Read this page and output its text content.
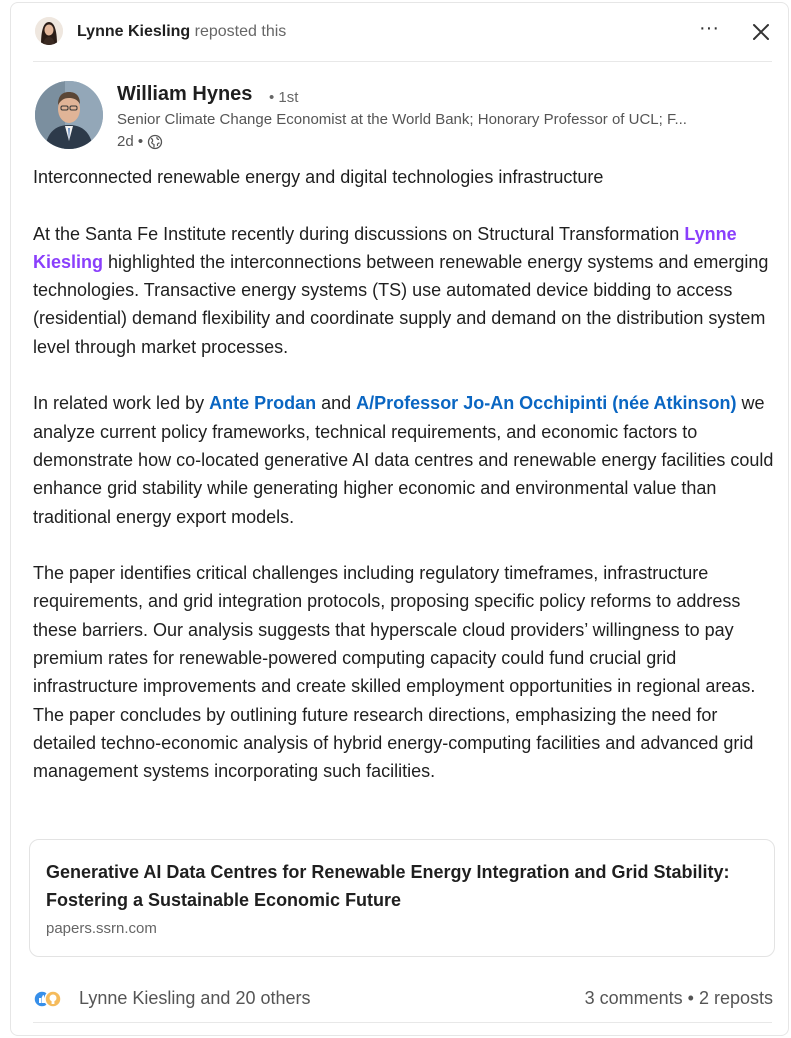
Lynne Kiesling reposted this	···
William Hynes • 1st
Senior Climate Change Economist at the World Bank; Honorary Professor of UCL; F...
2d •

Interconnected renewable energy and digital technologies infrastructure

At the Santa Fe Institute recently during discussions on Structural Transformation Lynne Kiesling highlighted the interconnections between renewable energy systems and emerging technologies. Transactive energy systems (TS) use automated device bidding to access (residential) demand flexibility and coordinate supply and demand on the distribution system level through market processes.

In related work led by Ante Prodan and A/Professor Jo-An Occhipinti (née Atkinson) we analyze current policy frameworks, technical requirements, and economic factors to demonstrate how co-located generative AI data centres and renewable energy facilities could enhance grid stability while generating higher economic and environmental value than traditional energy export models.

The paper identifies critical challenges including regulatory timeframes, infrastructure requirements, and grid integration protocols, proposing specific policy reforms to address these barriers. Our analysis suggests that hyperscale cloud providers’ willingness to pay premium rates for renewable-powered computing capacity could fund crucial grid infrastructure improvements and create skilled employment opportunities in regional areas. The paper concludes by outlining future research directions, emphasizing the need for detailed techno-economic analysis of hybrid energy-computing facilities and advanced grid management systems incorporating such facilities.

Generative AI Data Centres for Renewable Energy Integration and Grid Stability: Fostering a Sustainable Economic Future
papers.ssrn.com
Lynne Kiesling and 20 others	3 comments • 2 reposts
